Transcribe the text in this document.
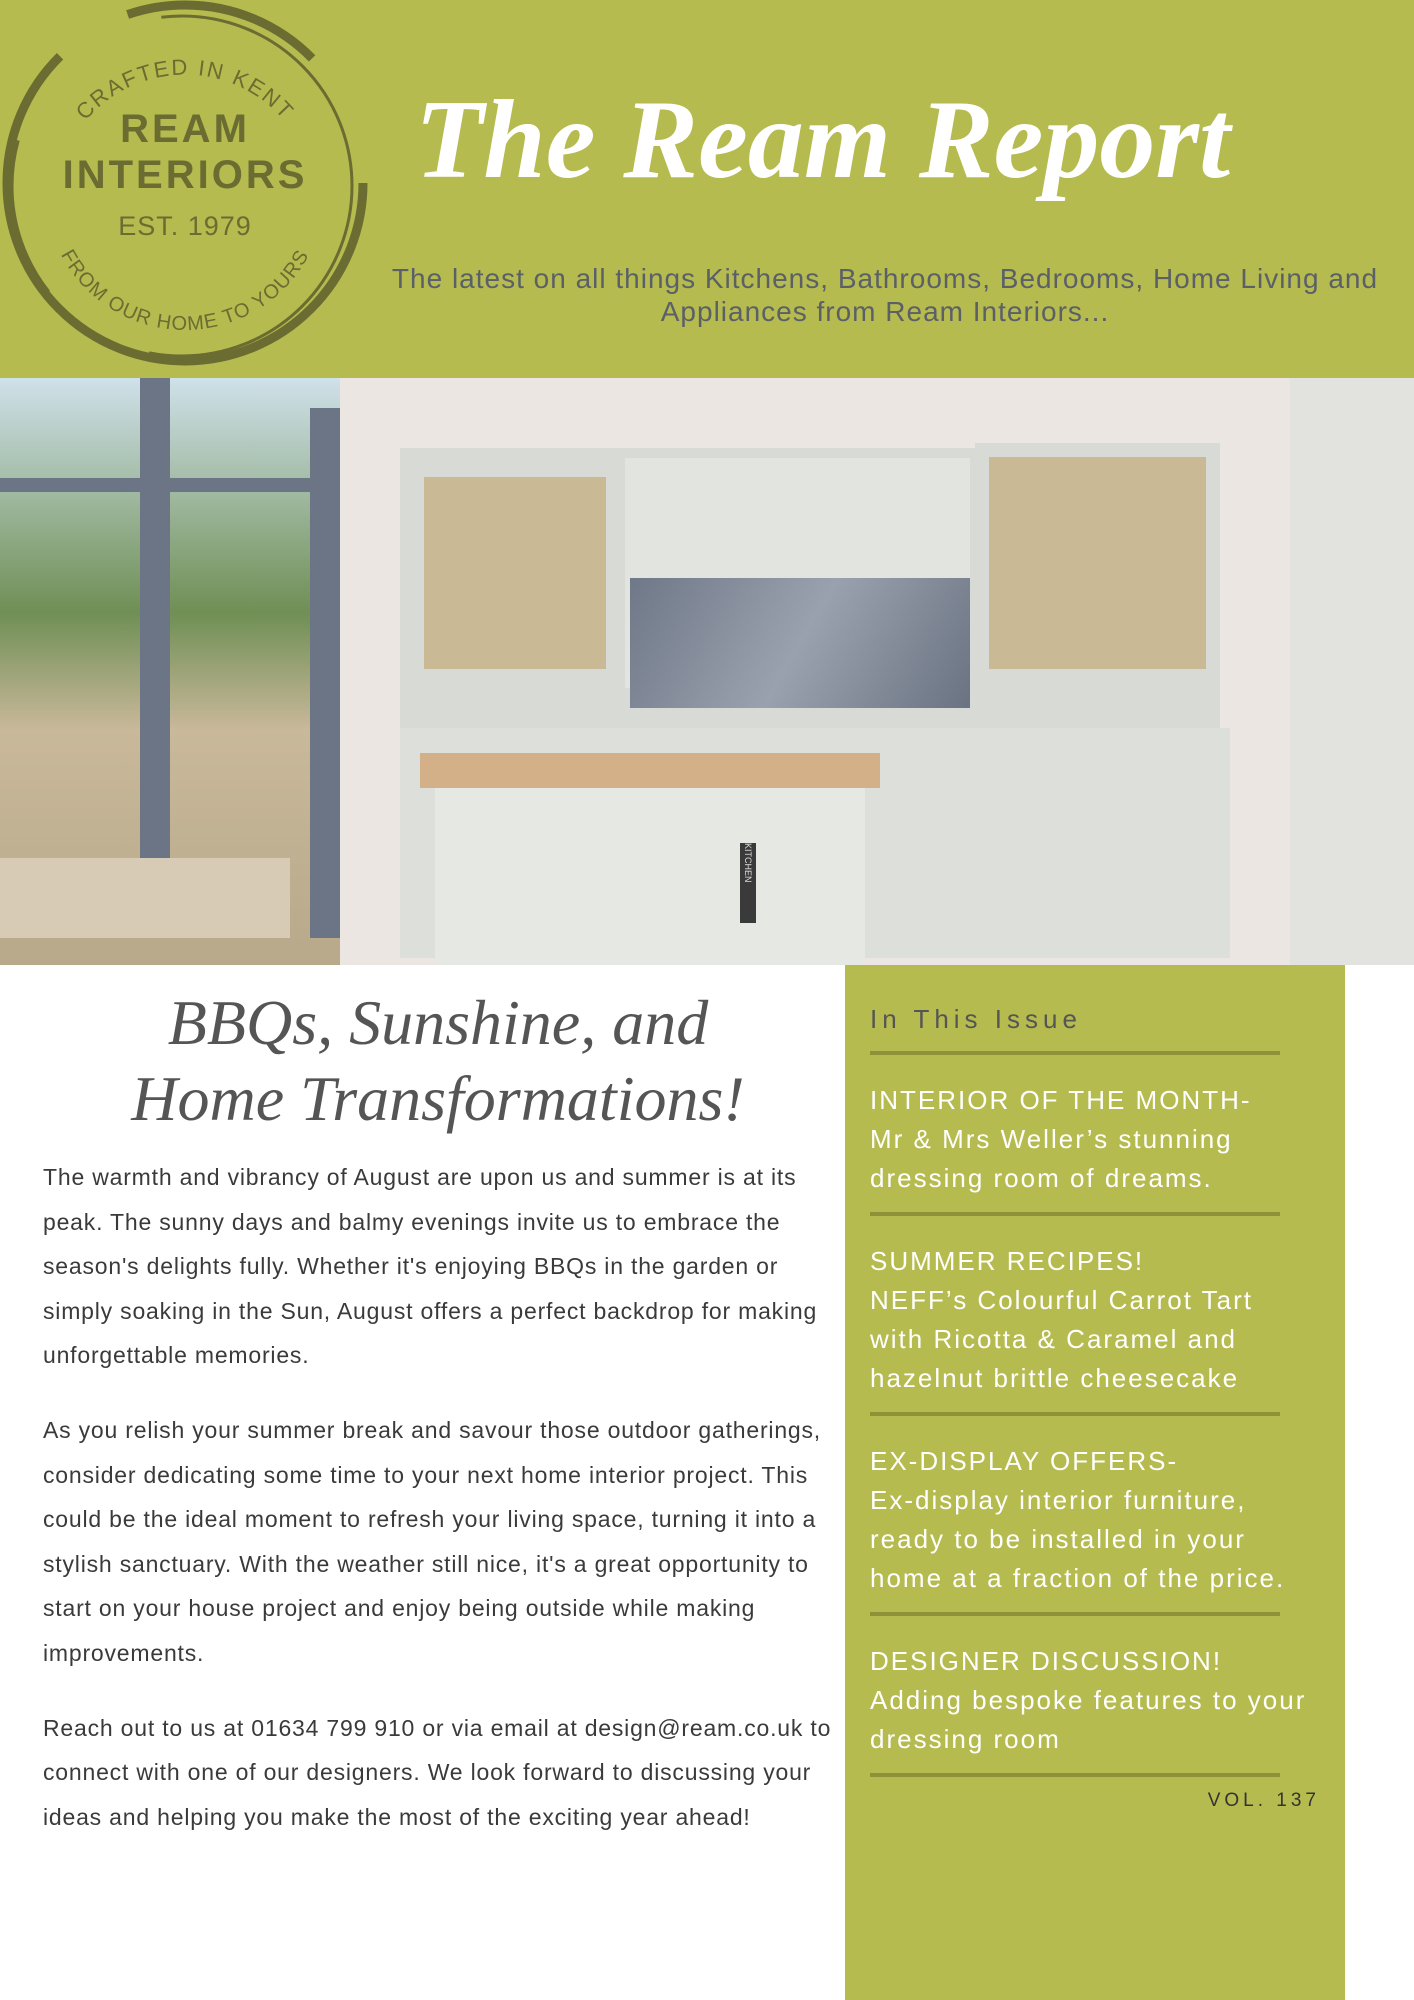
CRAFTED IN KENT
FROM OUR HOME TO YOURS
REAM
INTERIORS
EST. 1979
The Ream Report
The latest on all things Kitchens, Bathrooms, Bedrooms, Home Living and Appliances from Ream Interiors...
KITCHEN
BBQs, Sunshine, and
Home Transformations!

The warmth and vibrancy of August are upon us and summer is at its peak. The sunny days and balmy evenings invite us to embrace the season's delights fully. Whether it's enjoying BBQs in the garden or simply soaking in the Sun, August offers a perfect backdrop for making unforgettable memories.

As you relish your summer break and savour those outdoor gatherings, consider dedicating some time to your next home interior project. This could be the ideal moment to refresh your living space, turning it into a stylish sanctuary. With the weather still nice, it's a great opportunity to start on your house project and enjoy being outside while making improvements.

Reach out to us at 01634 799 910 or via email at design@ream.co.uk to connect with one of our designers. We look forward to discussing your ideas and helping you make the most of the exciting year ahead!

In This Issue
INTERIOR OF THE MONTH-
Mr & Mrs Weller’s stunning dressing room of dreams.
SUMMER RECIPES!
NEFF’s Colourful Carrot Tart with Ricotta & Caramel and hazelnut brittle cheesecake
EX-DISPLAY OFFERS-
Ex-display interior furniture, ready to be installed in your home at a fraction of the price.
DESIGNER DISCUSSION!
Adding bespoke features to your dressing room
VOL. 137
